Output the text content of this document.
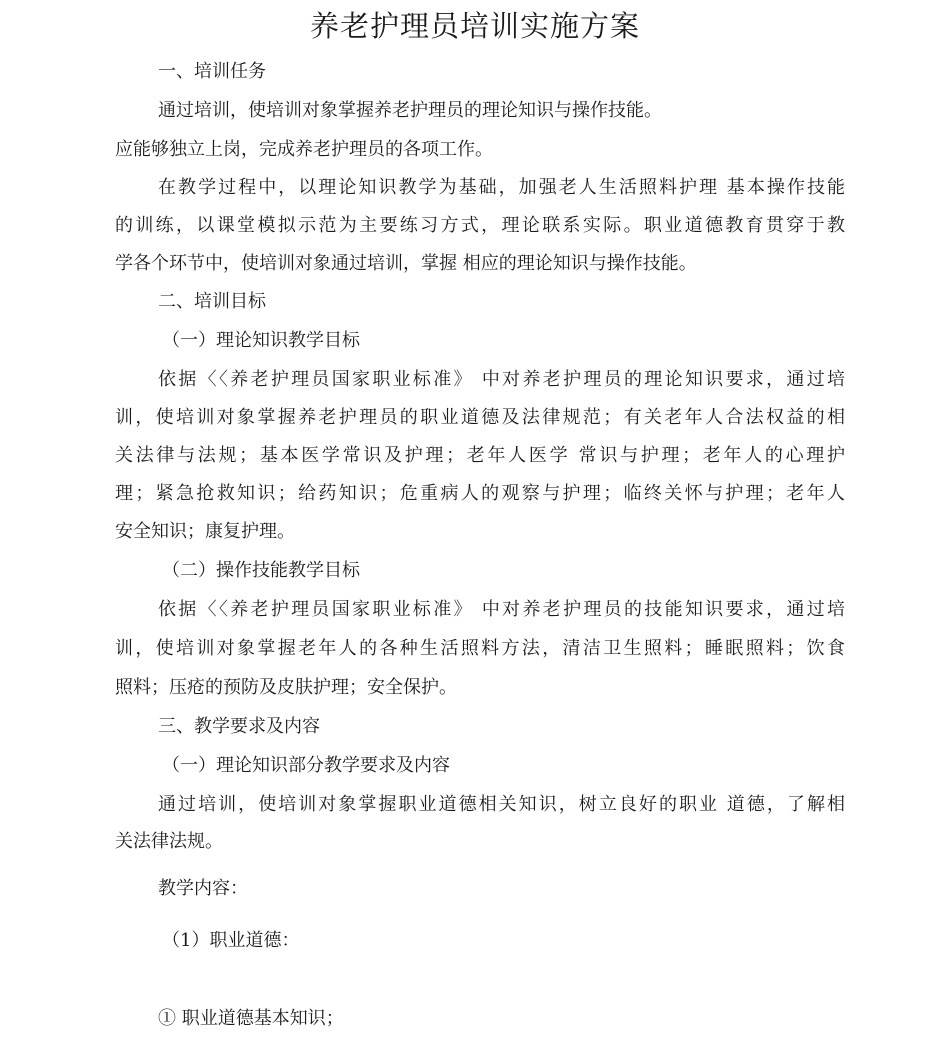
养老护理员培训实施方案
一、培训任务
通过培训，使培训对象掌握养老护理员的理论知识与操作技能。
应能够独立上岗，完成养老护理员的各项工作。
在教学过程中，以理论知识教学为基础，加强老人生活照料护理 基本操作技能
的训练，以课堂模拟示范为主要练习方式，理论联系实际。职业道德教育贯穿于教
学各个环节中，使培训对象通过培训，掌握 相应的理论知识与操作技能。
二、培训目标
（一）理论知识教学目标
依据〈〈养老护理员国家职业标准》 中对养老护理员的理论知识要求，通过培
训，使培训对象掌握养老护理员的职业道德及法律规范；有关老年人合法权益的相
关法律与法规；基本医学常识及护理；老年人医学 常识与护理；老年人的心理护
理；紧急抢救知识；给药知识；危重病人的观察与护理；临终关怀与护理；老年人
安全知识；康复护理。
（二）操作技能教学目标
依据〈〈养老护理员国家职业标准》 中对养老护理员的技能知识要求，通过培
训，使培训对象掌握老年人的各种生活照料方法，清洁卫生照料；睡眠照料；饮食
照料；压疮的预防及皮肤护理；安全保护。
三、教学要求及内容
（一）理论知识部分教学要求及内容
通过培训，使培训对象掌握职业道德相关知识，树立良好的职业 道德，了解相
关法律法规。
教学内容：
（1）职业道德：
① 职业道德基本知识；
